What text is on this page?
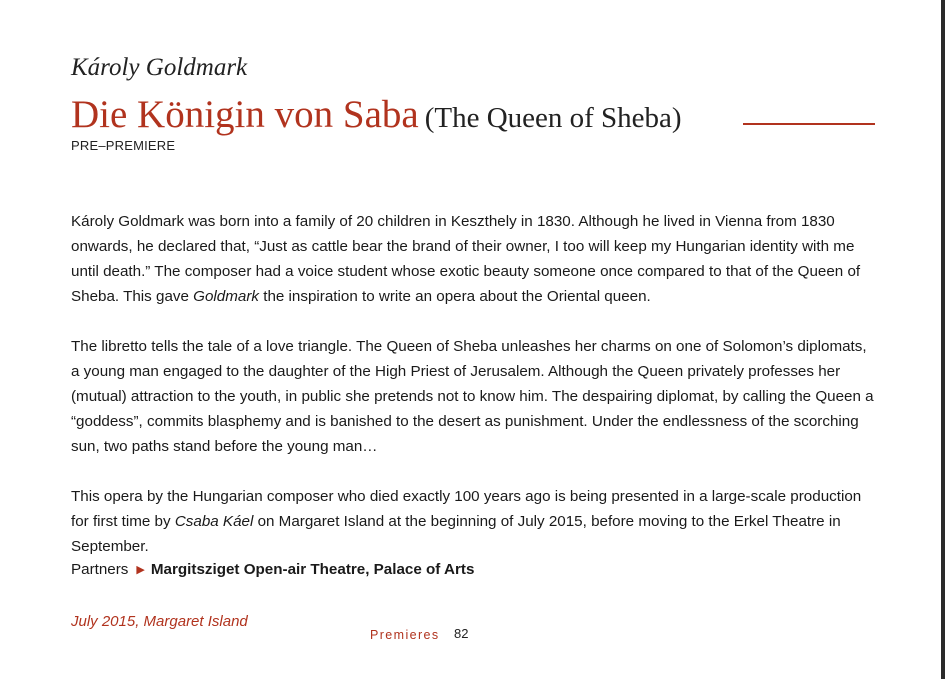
Károly Goldmark
Die Königin von Saba (The Queen of Sheba)
PRE–PREMIERE

Károly Goldmark was born into a family of 20 children in Keszthely in 1830. Although he lived in Vienna from 1830 onwards, he declared that, “Just as cattle bear the brand of their owner, I too will keep my Hungarian identity with me until death.” The composer had a voice student whose exotic beauty someone once compared to that of the Queen of Sheba. This gave Goldmark the inspiration to write an opera about the Oriental queen.

The libretto tells the tale of a love triangle. The Queen of Sheba unleashes her charms on one of Solomon’s diplomats, a young man engaged to the daughter of the High Priest of Jerusalem. Although the Queen privately professes her (mutual) attraction to the youth, in public she pretends not to know him. The despairing diplomat, by calling the Queen a “goddess”, commits blasphemy and is banished to the desert as punishment. Under the endlessness of the scorching sun, two paths stand before the young man…

This opera by the Hungarian composer who died exactly 100 years ago is being presented in a large-scale production for first time by Csaba Káel on Margaret Island at the beginning of July 2015, before moving to the Erkel Theatre in September.

Partners ▶ Margitsziget Open-air Theatre, Palace of Arts
July 2015, Margaret Island
Premieres 82
